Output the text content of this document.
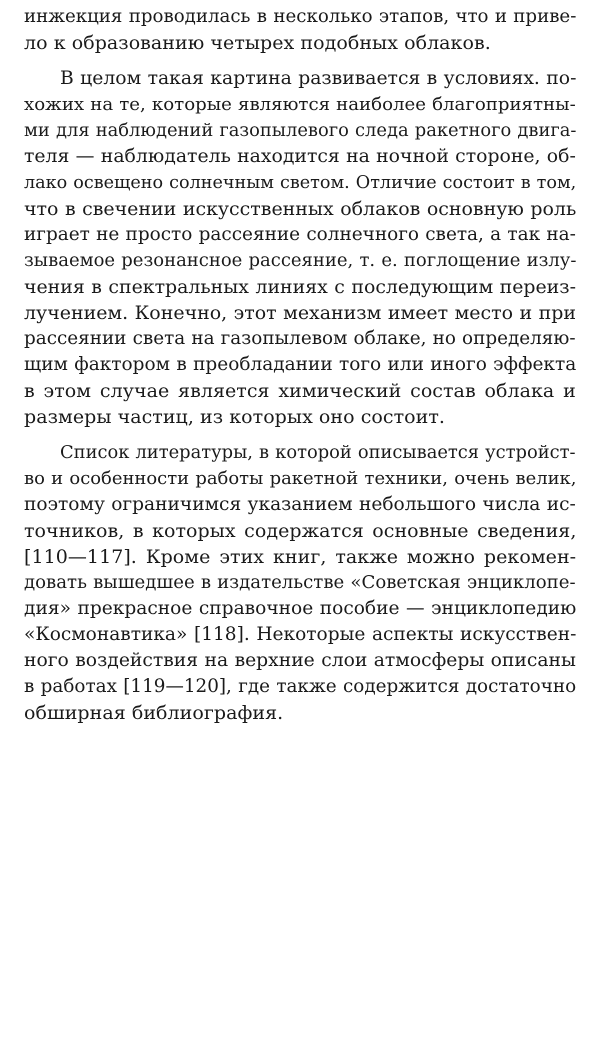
инжекция проводилась в несколько этапов, что и приве-
ло к образованию четырех подобных облаков.
В целом такая картина развивается в условиях. по-
хожих на те, которые являются наиболее благоприятны-
ми для наблюдений газопылевого следа ракетного двига-
теля — наблюдатель находится на ночной стороне, об-
лако освещено солнечным светом. Отличие состоит в том,
что в свечении искусственных облаков основную роль
играет не просто рассеяние солнечного света, а так на-
зываемое резонансное рассеяние, т. е. поглощение излу-
чения в спектральных линиях с последующим переиз-
лучением. Конечно, этот механизм имеет место и при
рассеянии света на газопылевом облаке, но определяю-
щим фактором в преобладании того или иного эффекта
в этом случае является химический состав облака и
размеры частиц, из которых оно состоит.
Список литературы, в которой описывается устройст-
во и особенности работы ракетной техники, очень велик,
поэтому ограничимся указанием небольшого числа ис-
точников, в которых содержатся основные сведения,
[110—117]. Кроме этих книг, также можно рекомен-
довать вышедшее в издательстве «Советская энциклопе-
дия» прекрасное справочное пособие — энциклопедию
«Космонавтика» [118]. Некоторые аспекты искусствен-
ного воздействия на верхние слои атмосферы описаны
в работах [119—120], где также содержится достаточно
обширная библиография.
